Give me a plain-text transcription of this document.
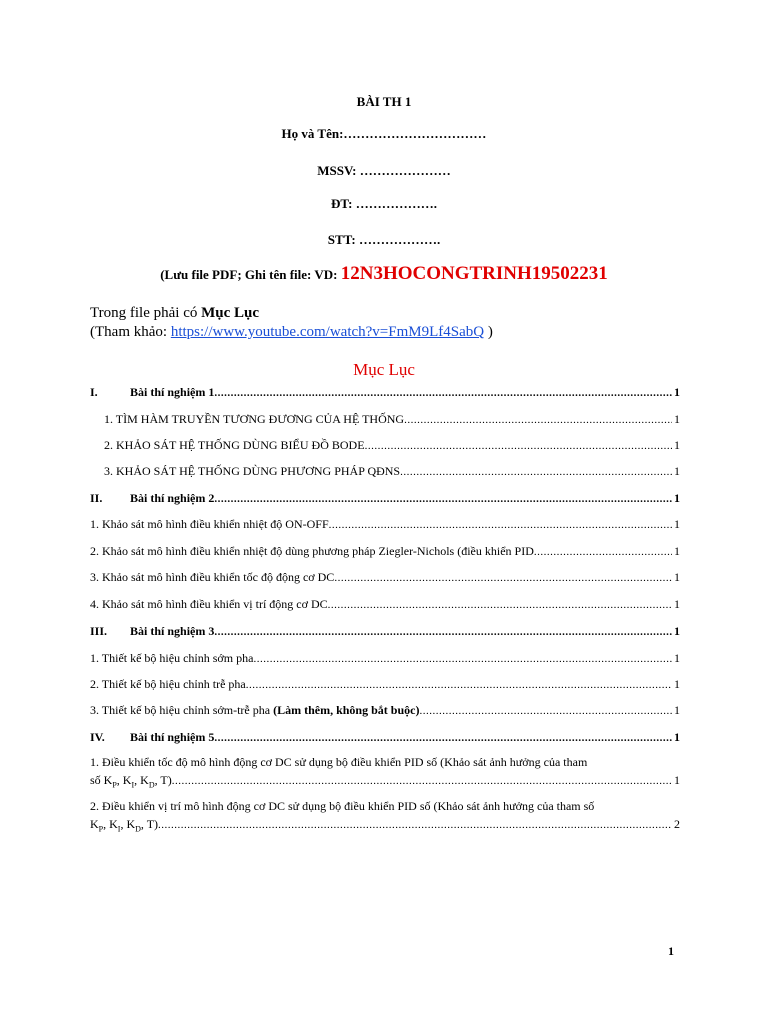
BÀI TH 1
Họ và Tên:……………………………
MSSV: …………………
ĐT: ……………….
STT: ……………….
(Lưu file PDF; Ghi tên file: VD: 12N3HOCONGTRINH19502231
Trong file phải có Mục Lục
(Tham khảo: https://www.youtube.com/watch?v=FmM9Lf4SabQ )
Mục Lục
I.	Bài thí nghiệm 1 .....	1
1. TÌM HÀM TRUYỀN TƯƠNG ĐƯƠNG CỦA HỆ THỐNG .....	1
2. KHẢO SÁT HỆ THỐNG DÙNG BIỂU ĐỒ BODE .....	1
3. KHẢO SÁT HỆ THỐNG DÙNG PHƯƠNG PHÁP QĐNS .....	1
II. Bài thí nghiệm 2 .....	1
1. Khảo sát mô hình điều khiển nhiệt độ ON-OFF .....	1
2. Khảo sát mô hình điều khiển nhiệt độ dùng phương pháp Ziegler-Nichols (điều khiển PID .....	1
3. Khảo sát mô hình điều khiển tốc độ động cơ DC .....	1
4. Khảo sát mô hình điều khiển vị trí động cơ DC .....	1
III. Bài thí nghiệm 3 .....	1
1. Thiết kế bộ hiệu chỉnh sớm pha .....	1
2. Thiết kế bộ hiệu chỉnh trễ pha .....	1
3. Thiết kế bộ hiệu chỉnh sớm-trễ pha (Làm thêm, không bắt buộc) .....	1
IV. Bài thí nghiệm 5 .....	1
1. Điều khiển tốc độ mô hình động cơ DC sử dụng bộ điều khiển PID số (Khảo sát ảnh hưởng của tham
số $K_P$, $K_I$, $K_D$, T) .....	1
2. Điều khiển vị trí mô hình động cơ DC sử dụng bộ điều khiển PID số (Khảo sát ảnh hưởng của tham số
$K_P$, $K_I$, $K_D$, T) .....	2
1
